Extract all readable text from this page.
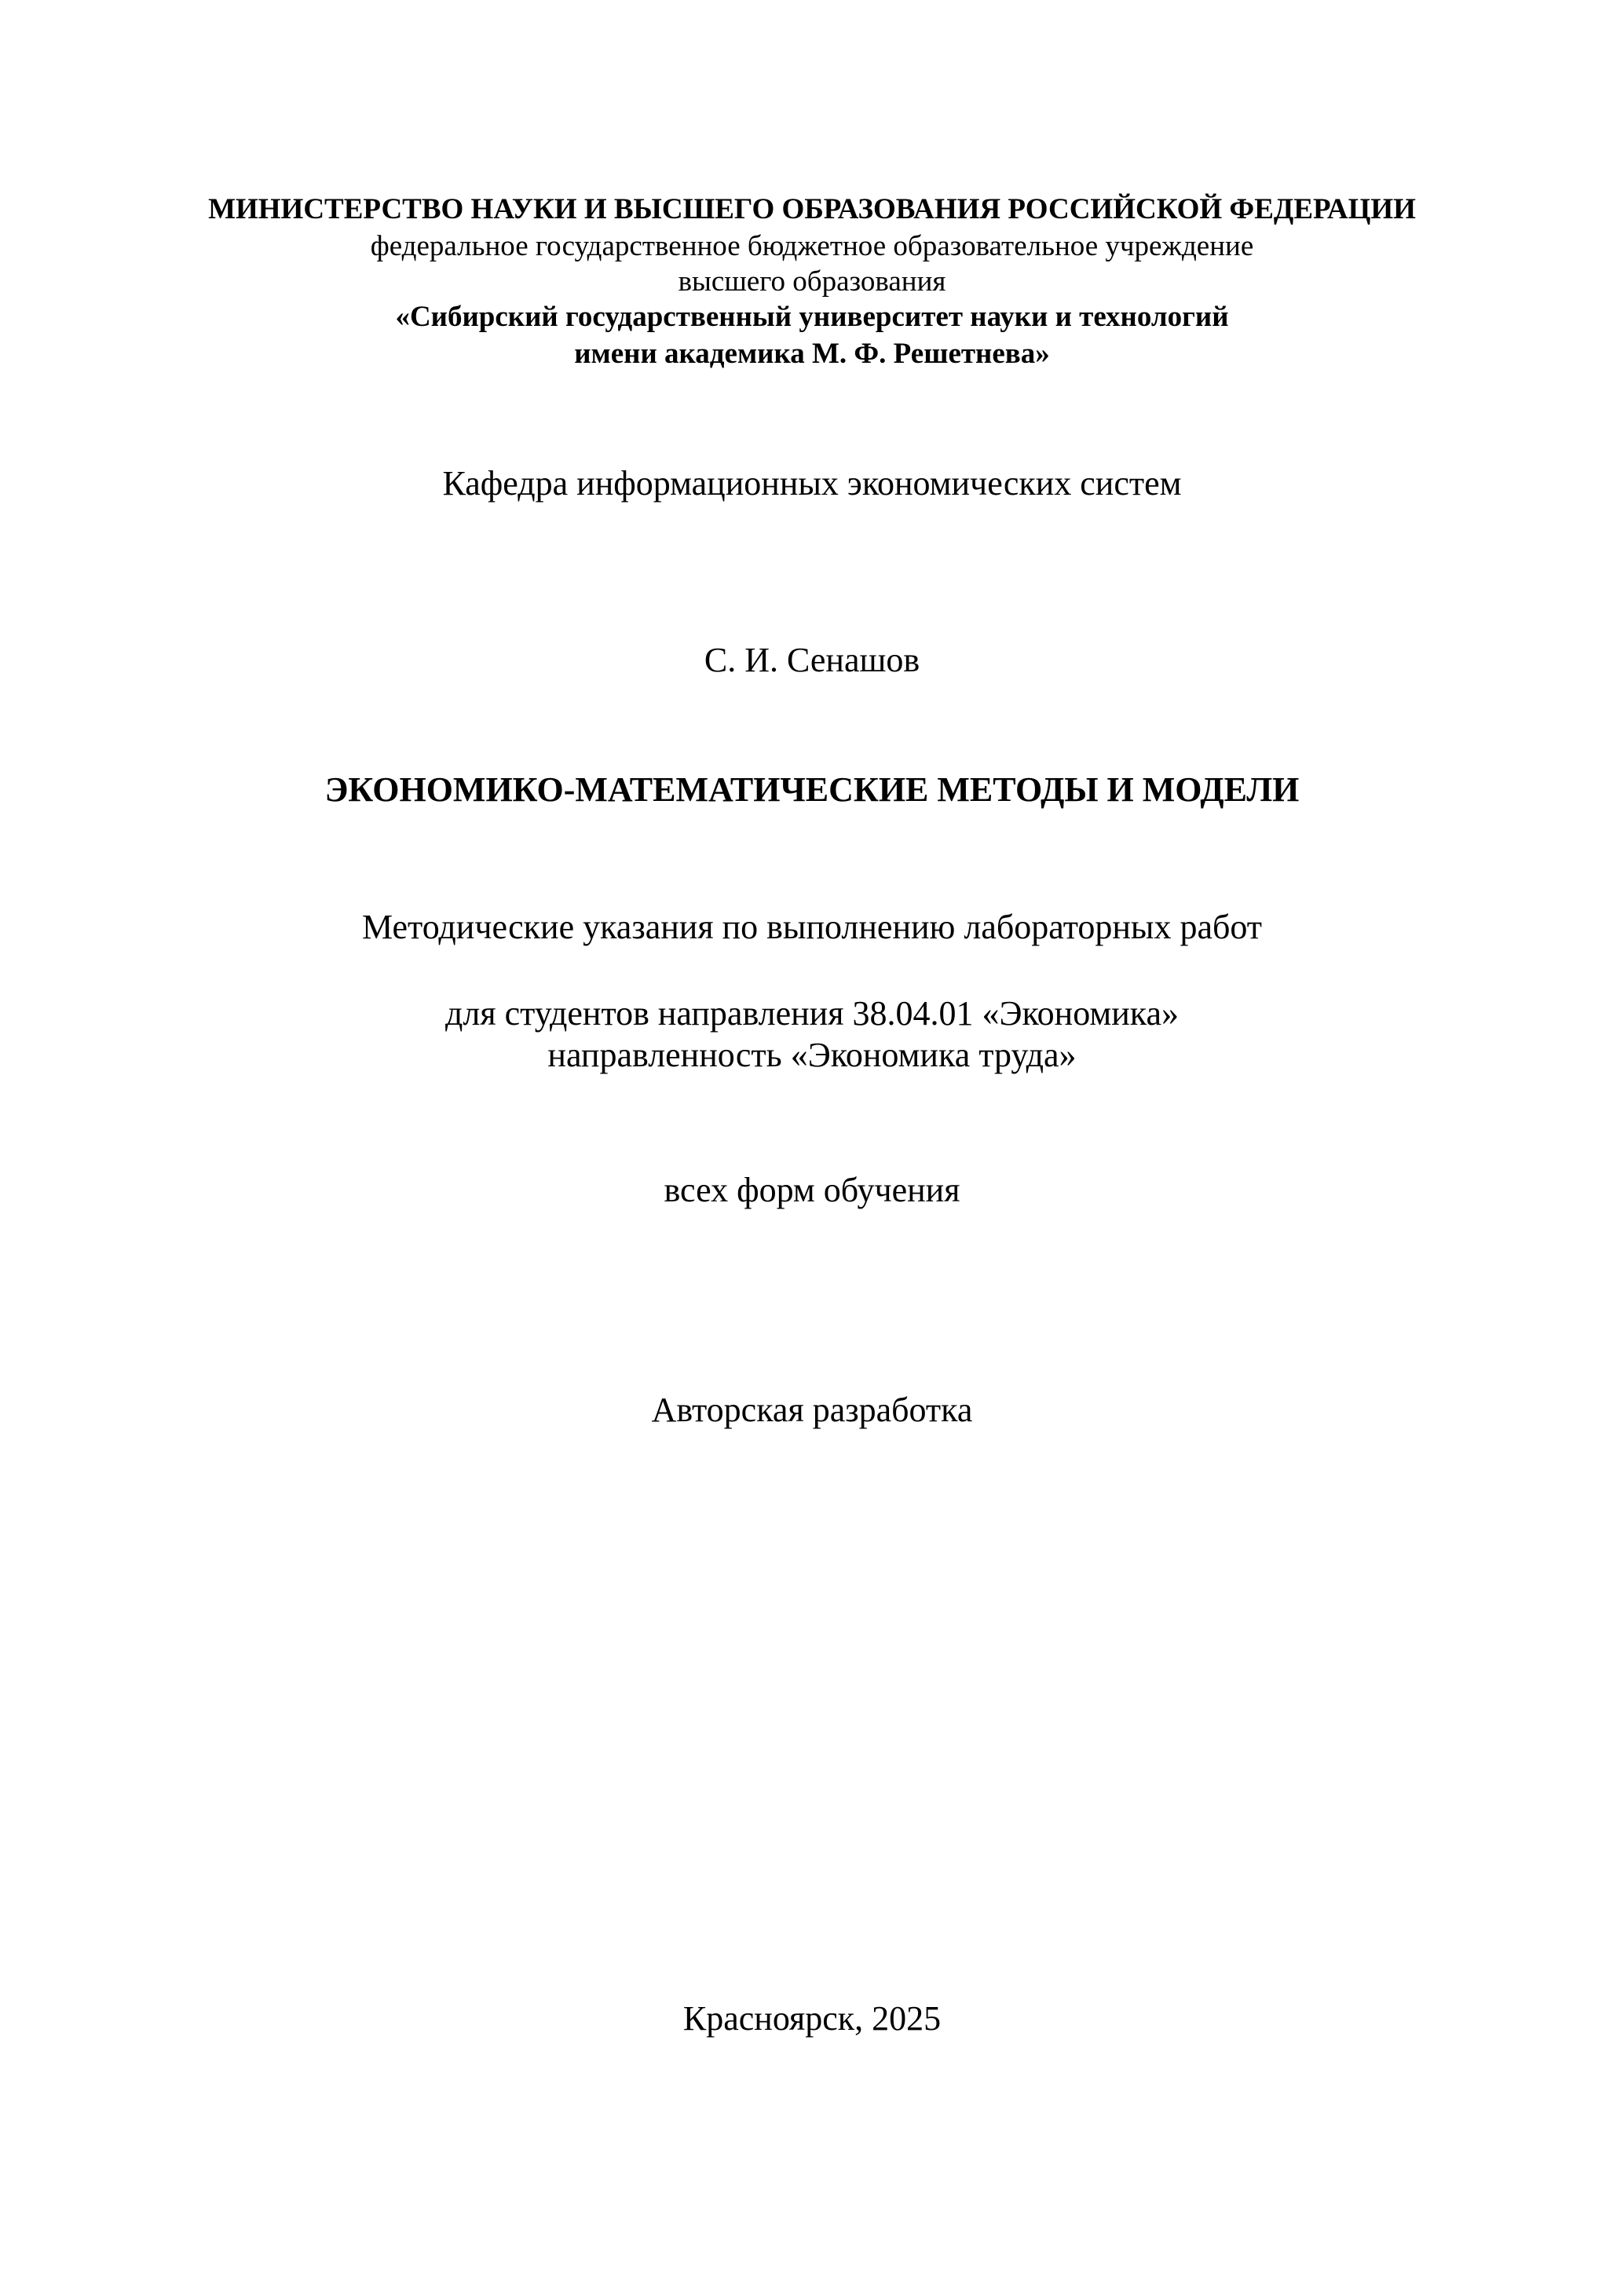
МИНИСТЕРСТВО НАУКИ И ВЫСШЕГО ОБРАЗОВАНИЯ РОССИЙСКОЙ ФЕДЕРАЦИИ
федеральное государственное бюджетное образовательное учреждение
высшего образования
«Сибирский государственный университет науки и технологий
имени академика М. Ф. Решетнева»
Кафедра информационных экономических систем
С. И. Сенашов
ЭКОНОМИКО-МАТЕМАТИЧЕСКИЕ МЕТОДЫ И МОДЕЛИ
Методические указания по выполнению лабораторных работ
для студентов направления 38.04.01 «Экономика»
направленность «Экономика труда»
всех форм обучения
Авторская разработка
Красноярск, 2025
